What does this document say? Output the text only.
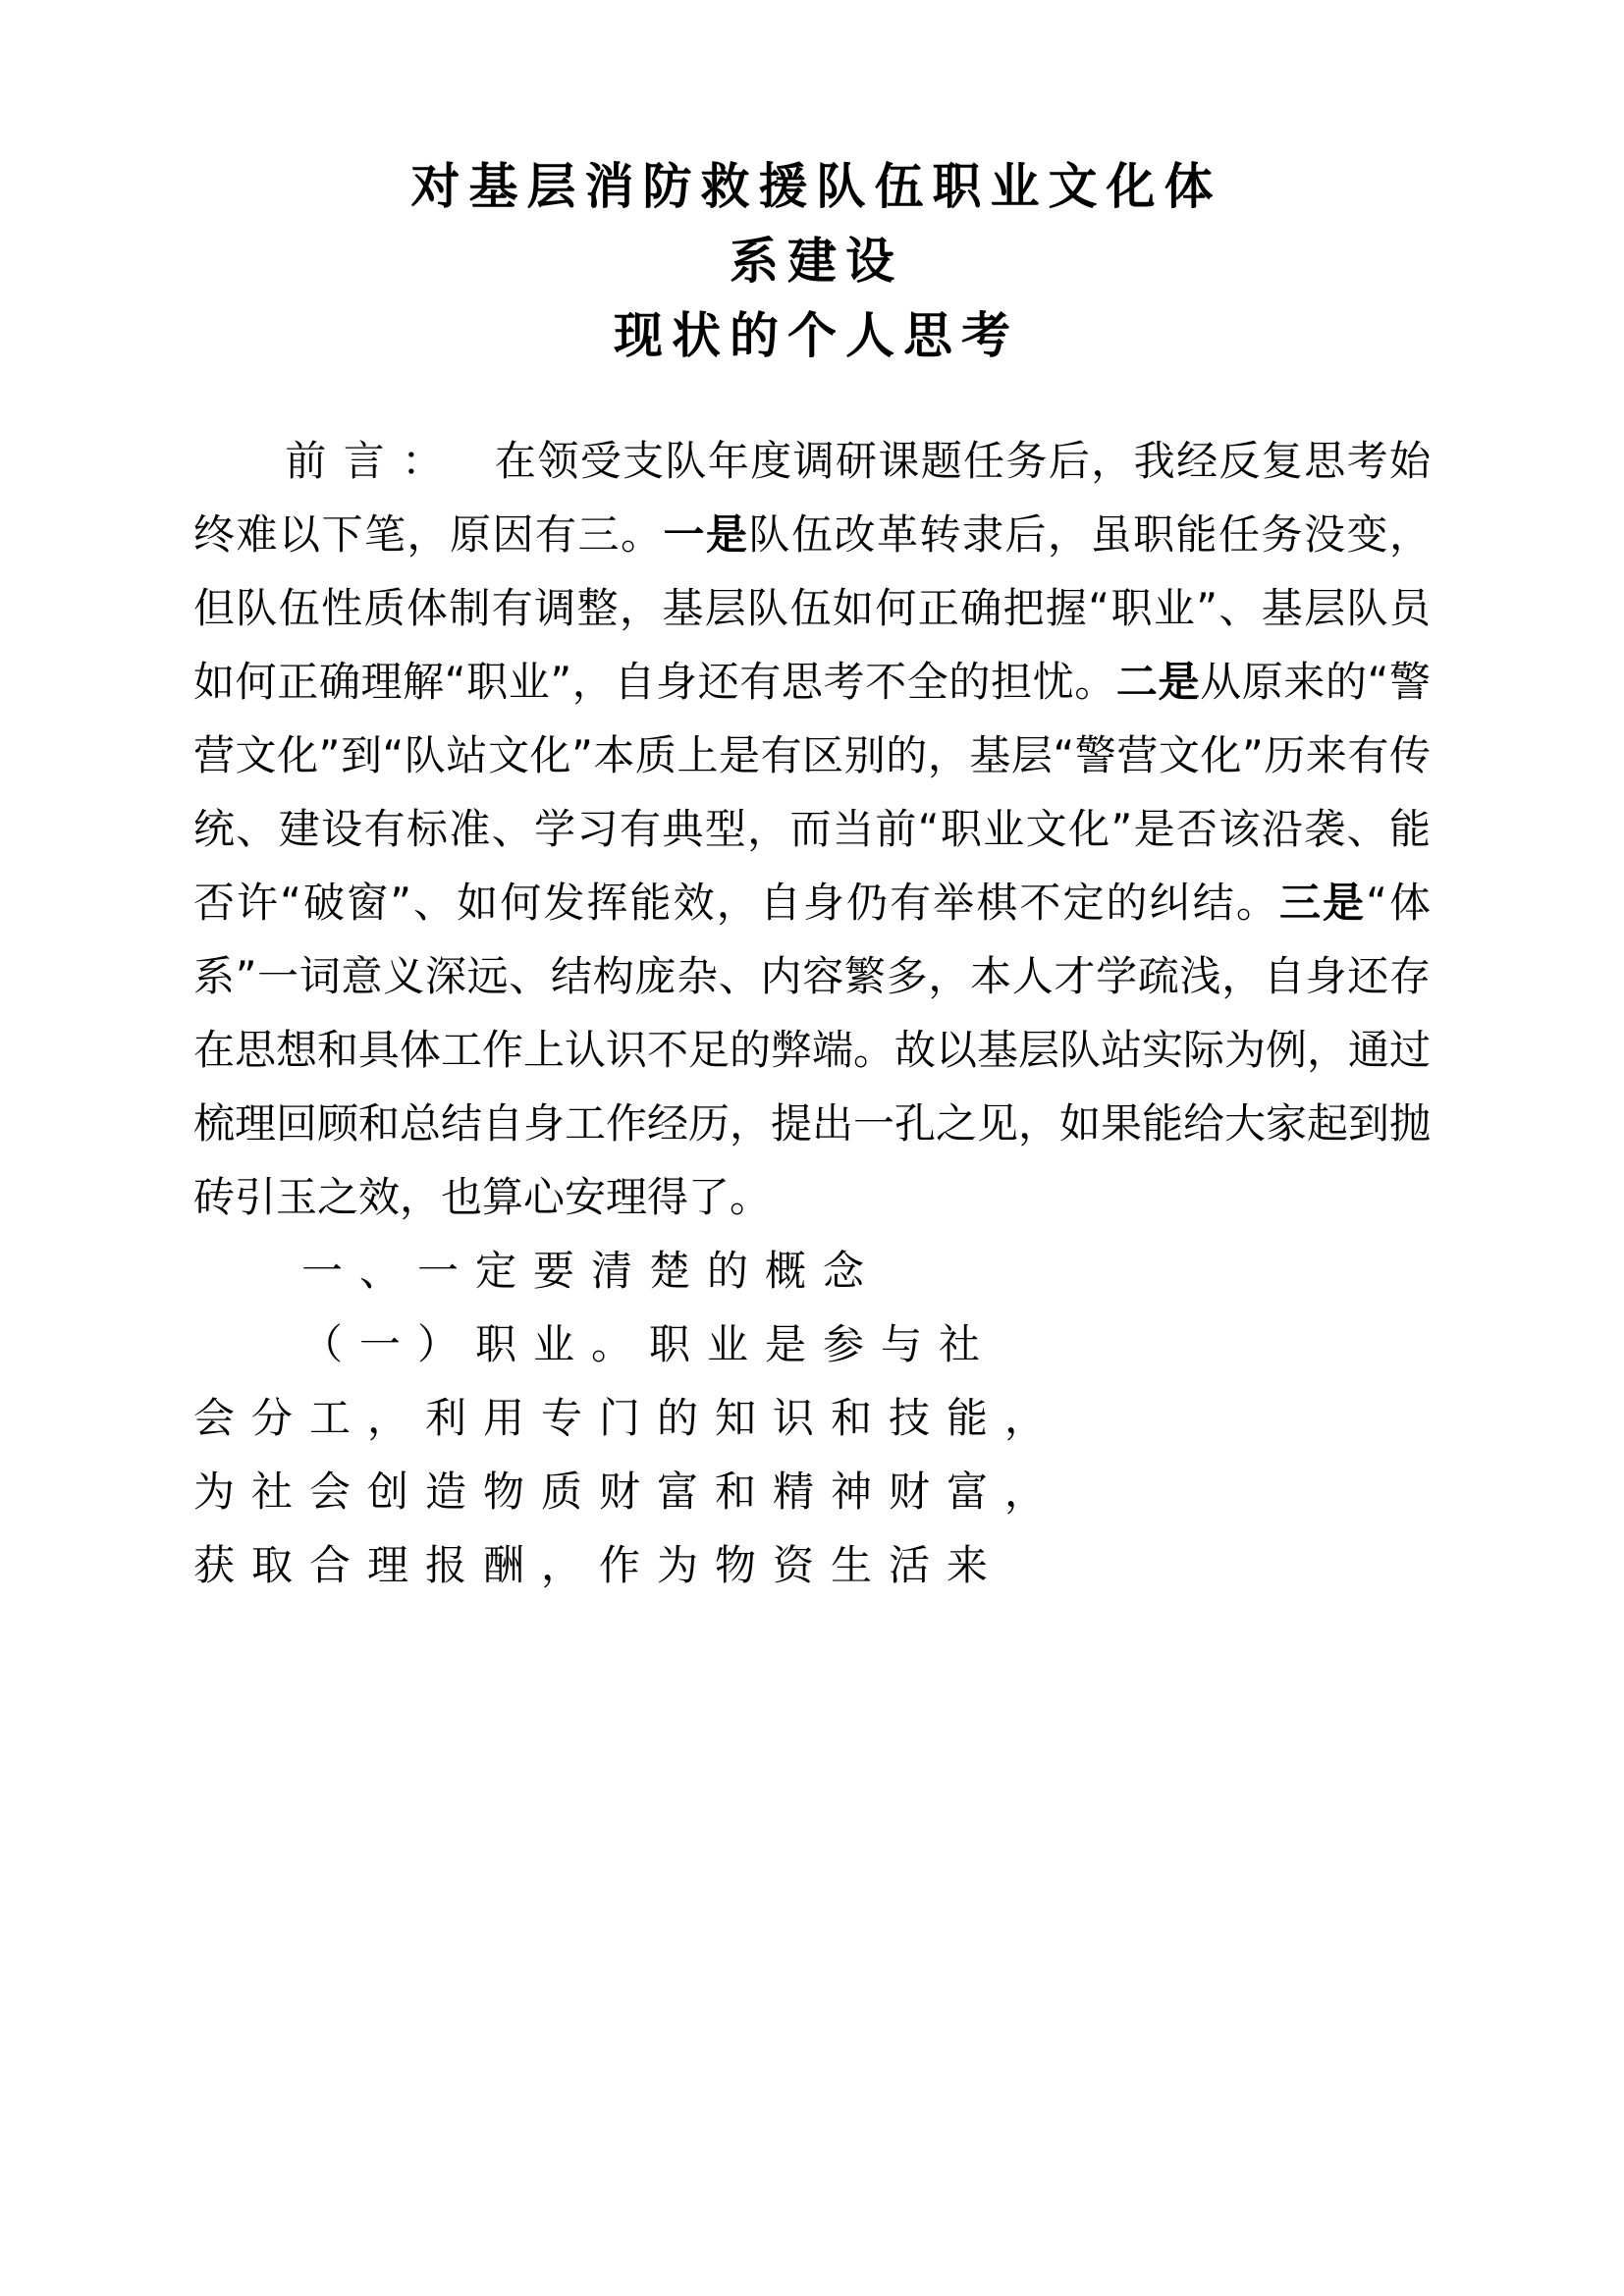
对基层消防救援队伍职业文化体
系建设
现状的个人思考

前言： 在领受支队年度调研课题任务后，我经反复思考始终难以下笔，原因有三。一是队伍改革转隶后，虽职能任务没变，但队伍性质体制有调整，基层队伍如何正确把握“职业”、基层队员如何正确理解“职业”，自身还有思考不全的担忧。二是从原来的“警营文化”到“队站文化”本质上是有区别的，基层“警营文化”历来有传统、建设有标准、学习有典型，而当前“职业文化”是否该沿袭、能否许“破窗”、如何发挥能效，自身仍有举棋不定的纠结。三是“体系”一词意义深远、结构庞杂、内容繁多，本人才学疏浅，自身还存在思想和具体工作上认识不足的弊端。故以基层队站实际为例，通过梳理回顾和总结自身工作经历，提出一孔之见，如果能给大家起到抛砖引玉之效，也算心安理得了。

一、一定要清楚的概念

（一）职业。职业是参与社
会分工，利用专门的知识和技能，
为社会创造物质财富和精神财富，
获取合理报酬，作为物资生活来
